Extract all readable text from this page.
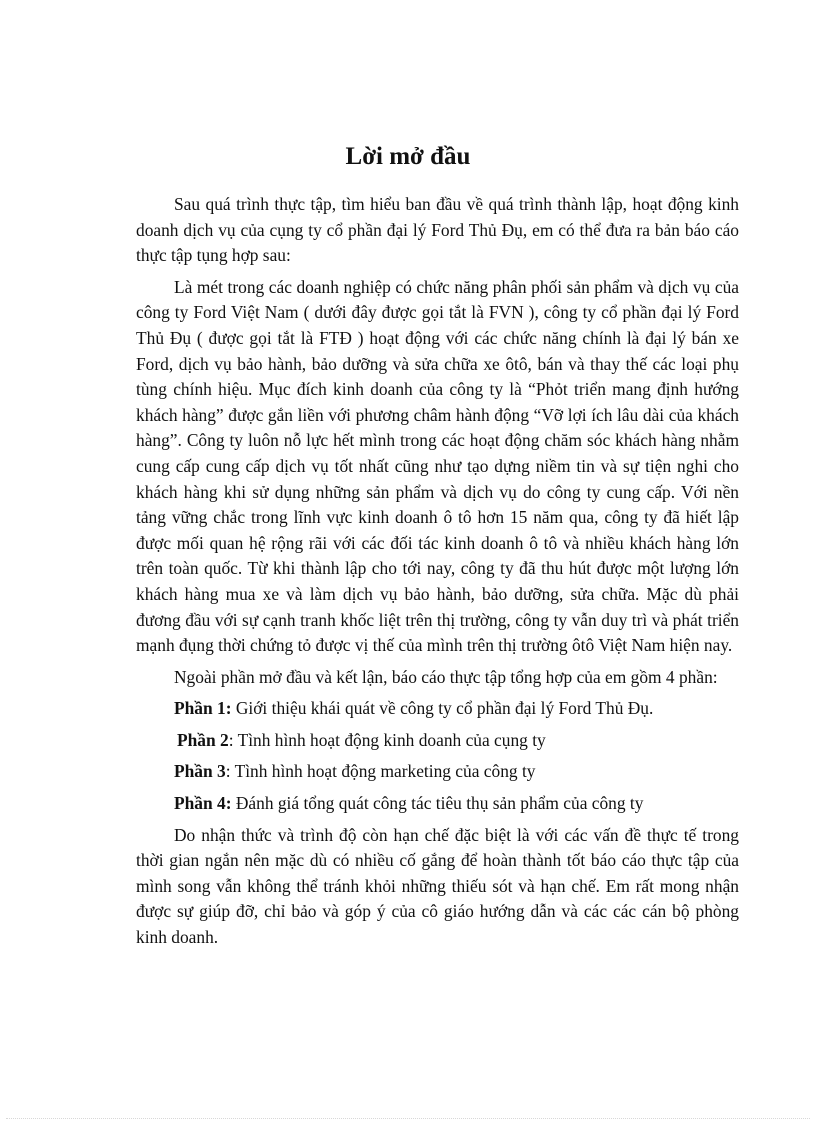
Lời mở đầu

Sau quá trình thực tập, tìm hiểu ban đầu về quá trình thành lập, hoạt động kinh doanh dịch vụ của cụng ty cổ phần đại lý Ford Thủ Đụ, em có thể đưa ra bản báo cáo thực tập tụng hợp sau:

Là mét trong các doanh nghiệp có chức năng phân phối sản phẩm và dịch vụ của công ty Ford Việt Nam ( dưới đây được gọi tắt là FVN ), công ty cổ phần đại lý Ford Thủ Đụ ( được gọi tắt là FTĐ ) hoạt động với các chức năng chính là đại lý bán xe Ford, dịch vụ bảo hành, bảo dưỡng và sửa chữa xe ôtô, bán và thay thế các loại phụ tùng chính hiệu. Mục đích kinh doanh của công ty là “Phỏt triển mang định hướng khách hàng” được gắn liền với phương châm hành động “Vỡ lợi ích lâu dài của khách hàng”. Công ty luôn nỗ lực hết mình trong các hoạt động chăm sóc khách hàng nhằm cung cấp cung cấp dịch vụ tốt nhất cũng như tạo dựng niềm tin và sự tiện nghi cho khách hàng khi sử dụng những sản phẩm và dịch vụ do công ty cung cấp. Với nền tảng vững chắc trong lĩnh vực kinh doanh ô tô hơn 15 năm qua, công ty đã hiết lập được mối quan hệ rộng rãi với các đối tác kinh doanh ô tô và nhiều khách hàng lớn trên toàn quốc. Từ khi thành lập cho tới nay, công ty đã thu hút được một lượng lớn khách hàng mua xe và làm dịch vụ bảo hành, bảo dưỡng, sửa chữa. Mặc dù phải đương đầu với sự cạnh tranh khốc liệt trên thị trường, công ty vẫn duy trì và phát triển mạnh đụng thời chứng tỏ được vị thế của mình trên thị trường ôtô Việt Nam hiện nay.

Ngoài phần mở đầu và kết lận, báo cáo thực tập tổng hợp của em gồm 4 phần:

Phần 1: Giới thiệu khái quát về công ty cổ phần đại lý Ford Thủ Đụ.

Phần 2: Tình hình hoạt động kinh doanh của cụng ty

Phần 3: Tình hình hoạt động marketing của công ty

Phần 4: Đánh giá tổng quát công tác tiêu thụ sản phẩm của công ty

Do nhận thức và trình độ còn hạn chế đặc biệt là với các vấn đề thực tế trong thời gian ngắn nên mặc dù có nhiều cố gắng để hoàn thành tốt báo cáo thực tập của mình song vẫn không thể tránh khỏi những thiếu sót và hạn chế. Em rất mong nhận được sự giúp đỡ, chỉ bảo và góp ý của cô giáo hướng dẫn và các các cán bộ phòng kinh doanh.
